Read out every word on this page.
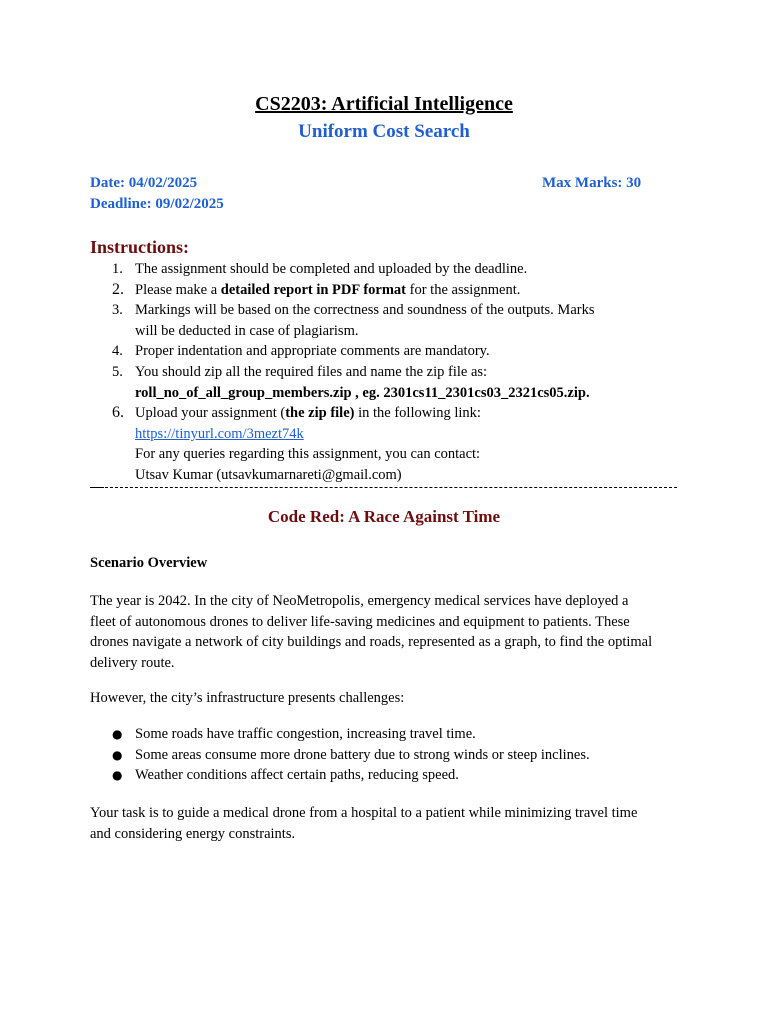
CS2203: Artificial Intelligence
Uniform Cost Search
Date: 04/02/2025
Deadline: 09/02/2025
Max Marks: 30
Instructions:
1. The assignment should be completed and uploaded by the deadline.
2. Please make a detailed report in PDF format for the assignment.
3. Markings will be based on the correctness and soundness of the outputs. Marks
will be deducted in case of plagiarism.
4. Proper indentation and appropriate comments are mandatory.
5. You should zip all the required files and name the zip file as:
roll_no_of_all_group_members.zip , eg. 2301cs11_2301cs03_2321cs05.zip.
6. Upload your assignment (the zip file) in the following link:
https://tinyurl.com/3mezt74k
For any queries regarding this assignment, you can contact:
Utsav Kumar (utsavkumarnareti@gmail.com)
Code Red: A Race Against Time
Scenario Overview

The year is 2042. In the city of NeoMetropolis, emergency medical services have deployed a
fleet of autonomous drones to deliver life-saving medicines and equipment to patients. These
drones navigate a network of city buildings and roads, represented as a graph, to find the optimal
delivery route.

However, the city’s infrastructure presents challenges:

● Some roads have traffic congestion, increasing travel time.
● Some areas consume more drone battery due to strong winds or steep inclines.
● Weather conditions affect certain paths, reducing speed.

Your task is to guide a medical drone from a hospital to a patient while minimizing travel time
and considering energy constraints.
